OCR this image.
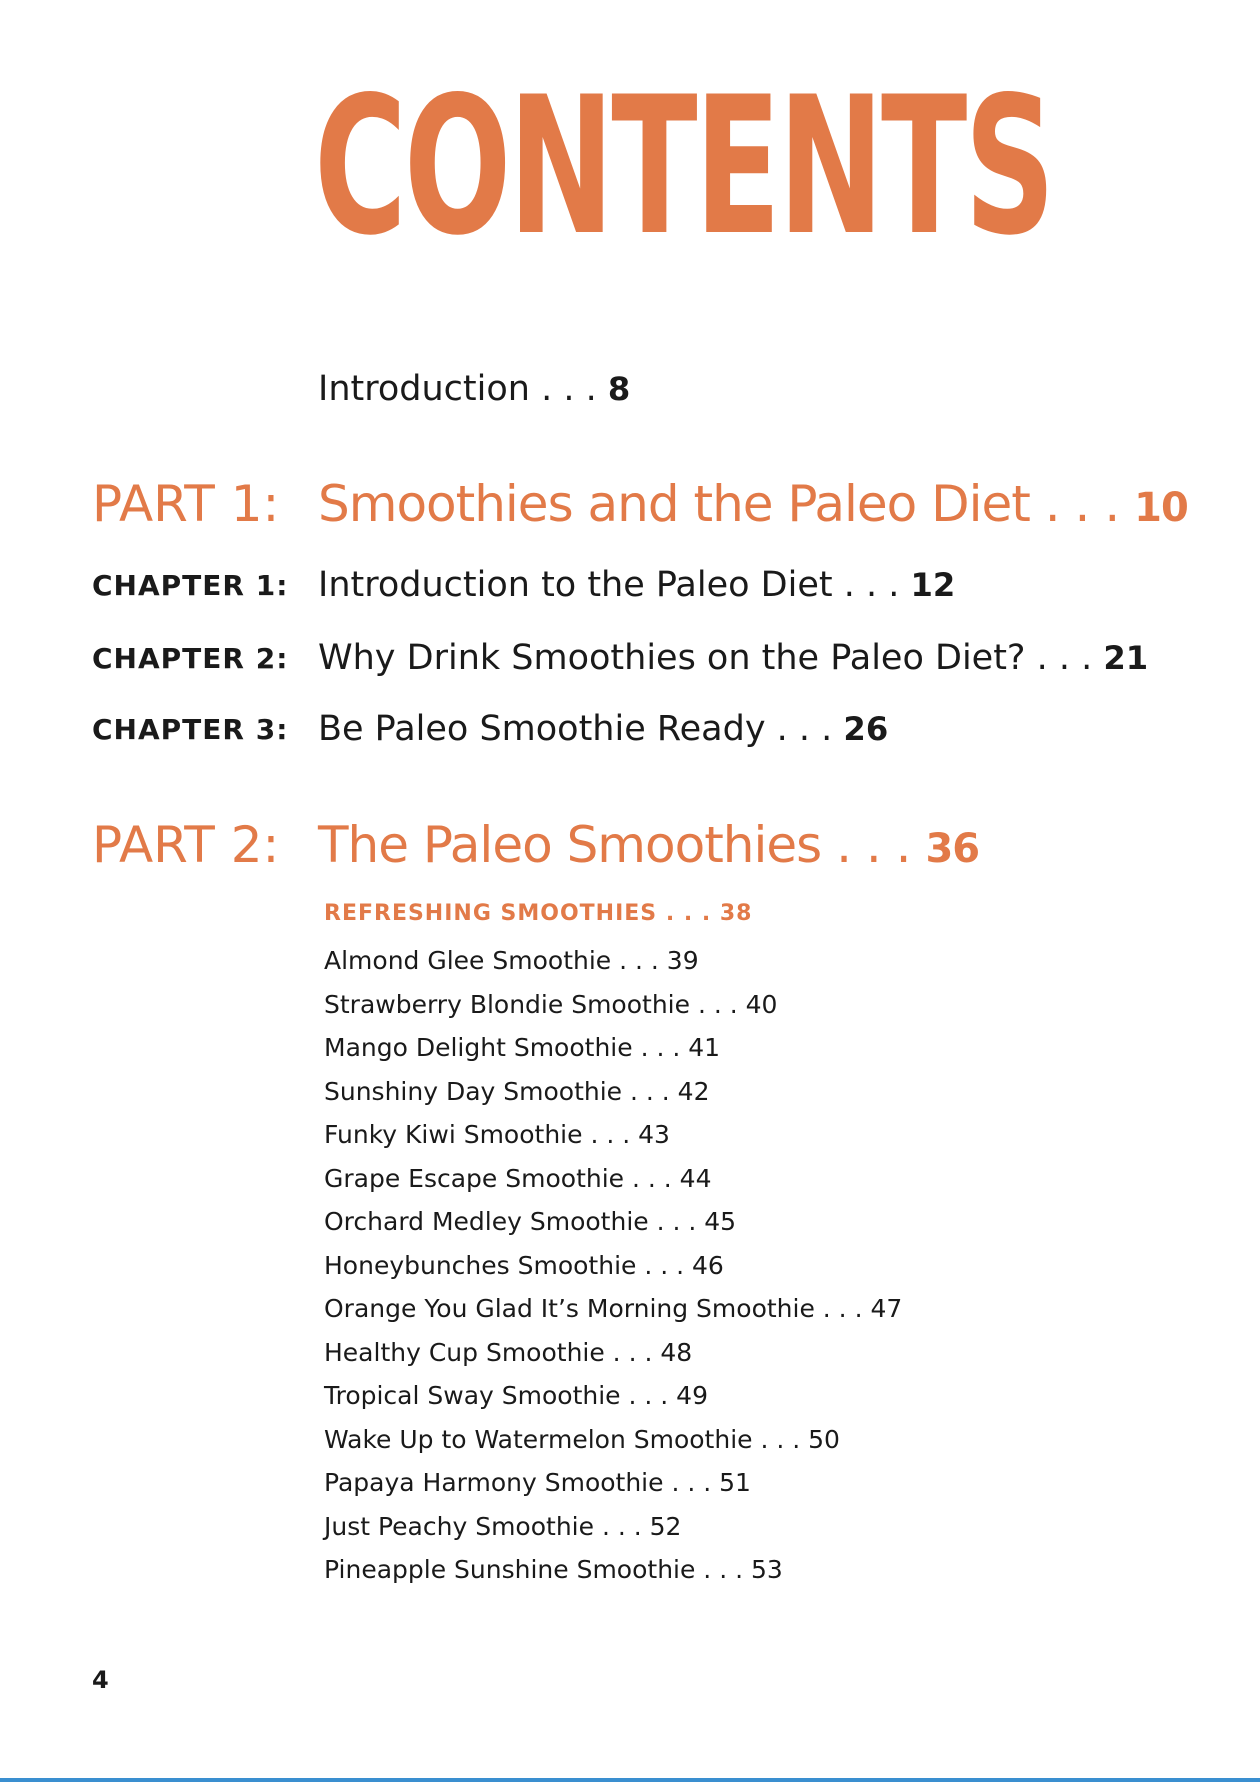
CONTENTS
Introduction . . . 8
PART 1: Smoothies and the Paleo Diet . . . 10
CHAPTER 1: Introduction to the Paleo Diet . . . 12
CHAPTER 2: Why Drink Smoothies on the Paleo Diet? . . . 21
CHAPTER 3: Be Paleo Smoothie Ready . . . 26
PART 2: The Paleo Smoothies . . . 36
REFRESHING SMOOTHIES . . . 38
Almond Glee Smoothie . . . 39
Strawberry Blondie Smoothie . . . 40
Mango Delight Smoothie . . . 41
Sunshiny Day Smoothie . . . 42
Funky Kiwi Smoothie . . . 43
Grape Escape Smoothie . . . 44
Orchard Medley Smoothie . . . 45
Honeybunches Smoothie . . . 46
Orange You Glad It’s Morning Smoothie . . . 47
Healthy Cup Smoothie . . . 48
Tropical Sway Smoothie . . . 49
Wake Up to Watermelon Smoothie . . . 50
Papaya Harmony Smoothie . . . 51
Just Peachy Smoothie . . . 52
Pineapple Sunshine Smoothie . . . 53
4
